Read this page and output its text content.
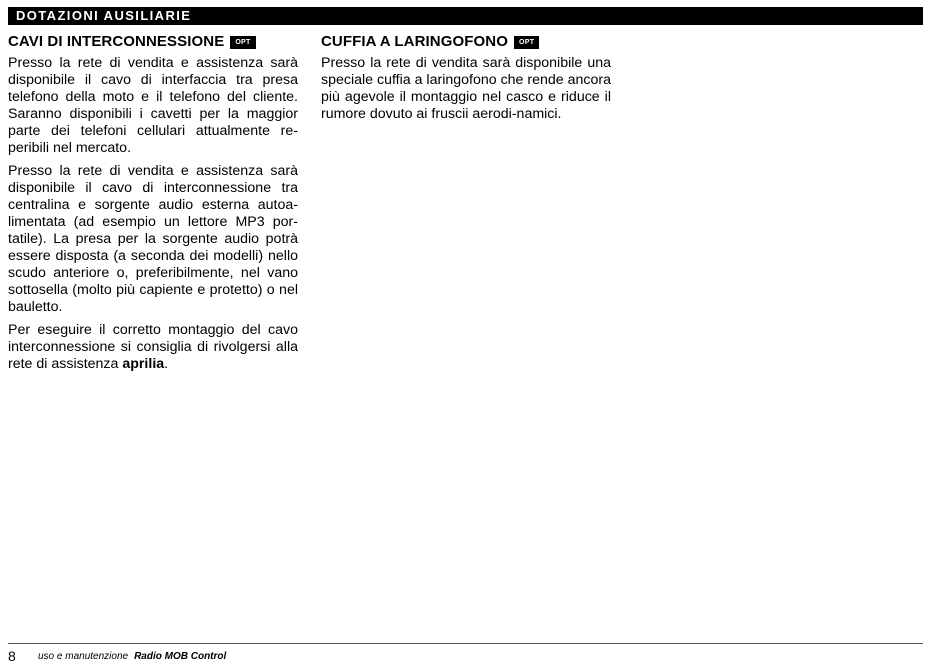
DOTAZIONI AUSILIARIE
CAVI DI INTERCONNESSIONE	OPT

Presso la rete di vendita e assistenza sarà disponibile il cavo di interfaccia tra presa telefono della moto e il telefono del cliente. Saranno disponibili i cavetti per la maggior parte dei telefoni cellulari attualmente re-peribili nel mercato.

Presso la rete di vendita e assistenza sarà disponibile il cavo di interconnessione tra centralina e sorgente audio esterna autoa-limentata (ad esempio un lettore MP3 por-tatile). La presa per la sorgente audio potrà essere disposta (a seconda dei modelli) nello scudo anteriore o, preferibilmente, nel vano sottosella (molto più capiente e protetto) o nel bauletto.

Per eseguire il corretto montaggio del cavo interconnessione si consiglia di rivolgersi alla rete di assistenza aprilia.

CUFFIA A LARINGOFONO	OPT

Presso la rete di vendita sarà disponibile una speciale cuffia a laringofono che rende ancora più agevole il montaggio nel casco e riduce il rumore dovuto ai fruscii aerodi-namici.

8 uso e manutenzione Radio MOB Control
